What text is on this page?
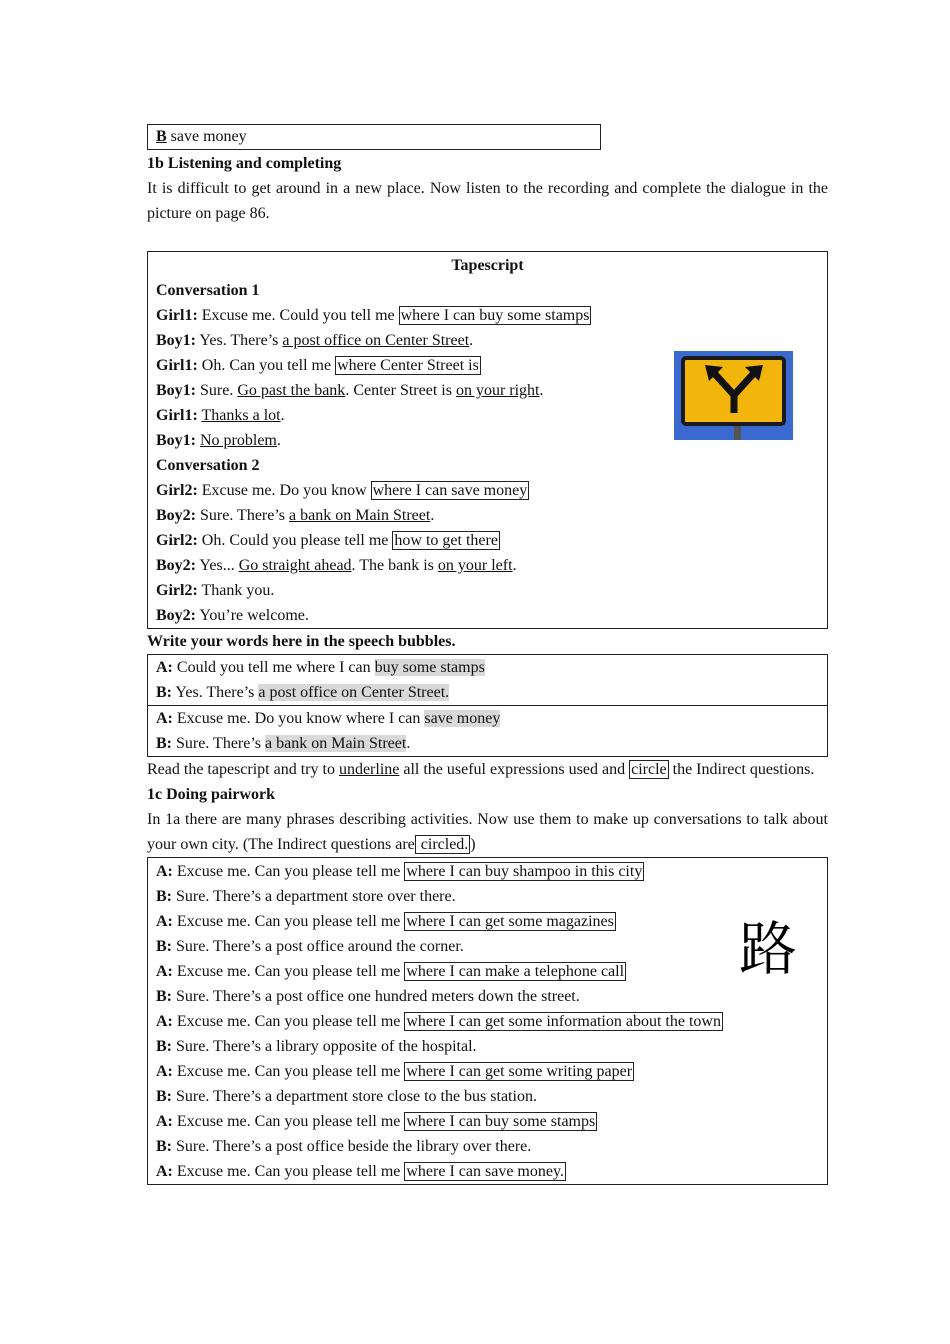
B save money
1b Listening and completing
It is difficult to get around in a new place. Now listen to the recording and complete the dialogue in the picture on page 86.
Tapescript
Conversation 1
Girl1: Excuse me. Could you tell me where I can buy some stamps
Boy1: Yes. There’s a post office on Center Street.
Girl1: Oh. Can you tell me where Center Street is
Boy1: Sure. Go past the bank. Center Street is on your right.
Girl1: Thanks a lot.
Boy1: No problem.
Conversation 2
Girl2: Excuse me. Do you know where I can save money
Boy2: Sure. There’s a bank on Main Street.
Girl2: Oh. Could you please tell me how to get there
Boy2: Yes... Go straight ahead. The bank is on your left.
Girl2: Thank you.
Boy2: You’re welcome.
Write your words here in the speech bubbles.
A: Could you tell me where I can buy some stamps
B: Yes. There’s a post office on Center Street.
A: Excuse me. Do you know where I can save money
B: Sure. There’s a bank on Main Street.
Read the tapescript and try to underline all the useful expressions used and circle the Indirect questions.
1c Doing pairwork
In 1a there are many phrases describing activities. Now use them to make up conversations to talk about your own city. (The Indirect questions are circled. )
A: Excuse me. Can you please tell me where I can buy shampoo in this city
B: Sure. There’s a department store over there.
A: Excuse me. Can you please tell me where I can get some magazines
B: Sure. There’s a post office around the corner.
A: Excuse me. Can you please tell me where I can make a telephone call
B: Sure. There’s a post office one hundred meters down the street.
A: Excuse me. Can you please tell me where I can get some information about the town
B: Sure. There’s a library opposite of the hospital.
A: Excuse me. Can you please tell me where I can get some writing paper
B: Sure. There’s a department store close to the bus station.
A: Excuse me. Can you please tell me where I can buy some stamps
B: Sure. There’s a post office beside the library over there.
A: Excuse me. Can you please tell me where I can save money.
路
